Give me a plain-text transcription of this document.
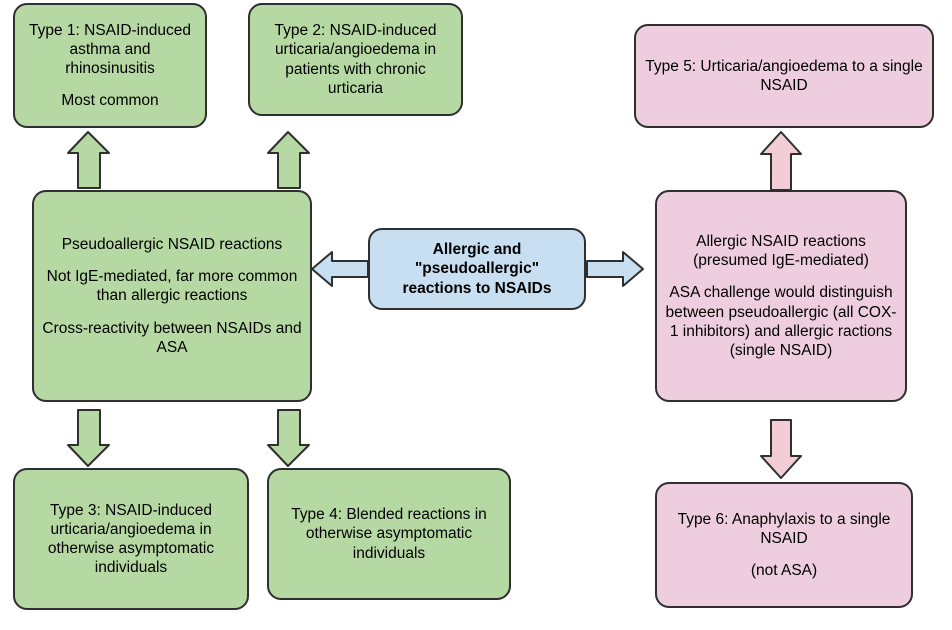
Allergic and
"pseudoallergic"
reactions to NSAIDs
Pseudoallergic NSAID reactions
Not IgE-mediated, far more common than allergic reactions
Cross-reactivity between NSAIDs and ASA
Allergic NSAID reactions (presumed IgE-mediated)
ASA challenge would distinguish between pseudoallergic (all COX-1 inhibitors) and allergic ractions (single NSAID)
Type 1: NSAID-induced asthma and rhinosinusitis
Most common
Type 2: NSAID-induced urticaria/angioedema in patients with chronic urticaria
Type 3: NSAID-induced urticaria/angioedema in otherwise asymptomatic individuals
Type 4: Blended reactions in otherwise asymptomatic individuals
Type 5: Urticaria/angioedema to a single NSAID
Type 6: Anaphylaxis to a single NSAID
(not ASA)
